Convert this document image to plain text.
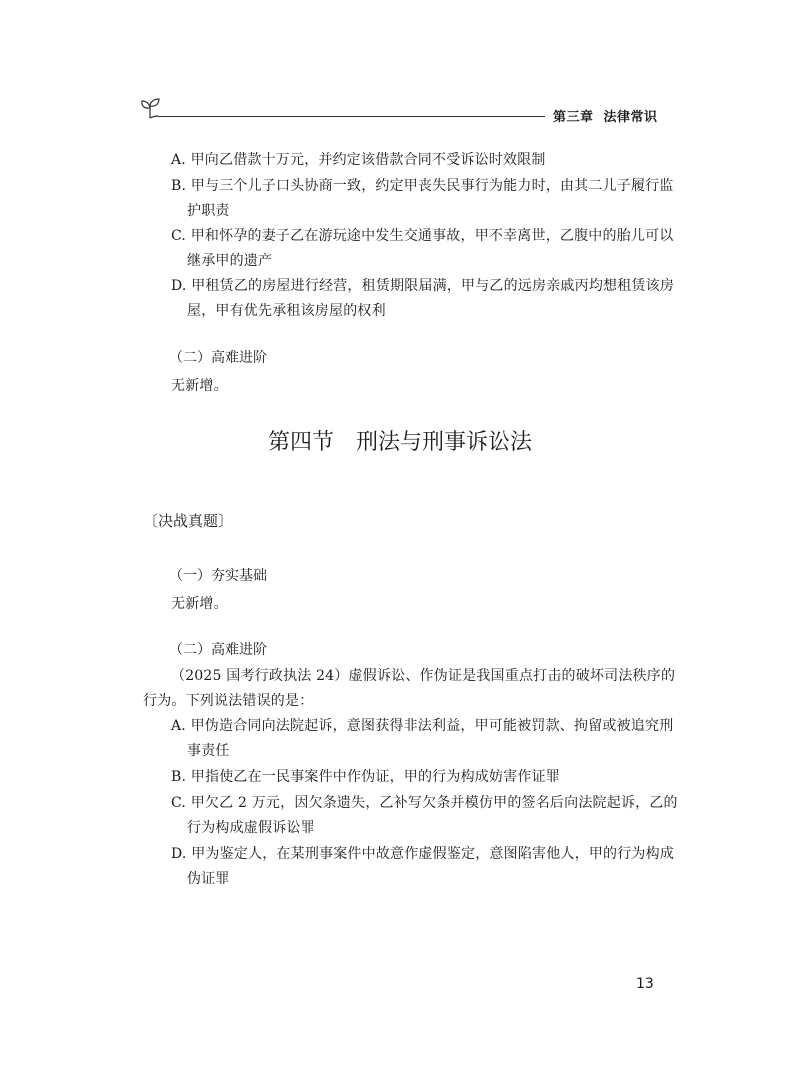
第三章 法律常识
A. 甲向乙借款十万元，并约定该借款合同不受诉讼时效限制
B. 甲与三个儿子口头协商一致，约定甲丧失民事行为能力时，由其二儿子履行监
护职责
C. 甲和怀孕的妻子乙在游玩途中发生交通事故，甲不幸离世，乙腹中的胎儿可以
继承甲的遗产
D. 甲租赁乙的房屋进行经营，租赁期限届满，甲与乙的远房亲戚丙均想租赁该房
屋，甲有优先承租该房屋的权利
（二）高难进阶
无新增。
第四节 刑法与刑事诉讼法
〔决战真题〕
（一）夯实基础
无新增。
（二）高难进阶
（2025 国考行政执法 24）虚假诉讼、作伪证是我国重点打击的破坏司法秩序的
行为。下列说法错误的是：
A. 甲伪造合同向法院起诉，意图获得非法利益，甲可能被罚款、拘留或被追究刑
事责任
B. 甲指使乙在一民事案件中作伪证，甲的行为构成妨害作证罪
C. 甲欠乙 2 万元，因欠条遗失，乙补写欠条并模仿甲的签名后向法院起诉，乙的
行为构成虚假诉讼罪
D. 甲为鉴定人，在某刑事案件中故意作虚假鉴定，意图陷害他人，甲的行为构成
伪证罪
13
